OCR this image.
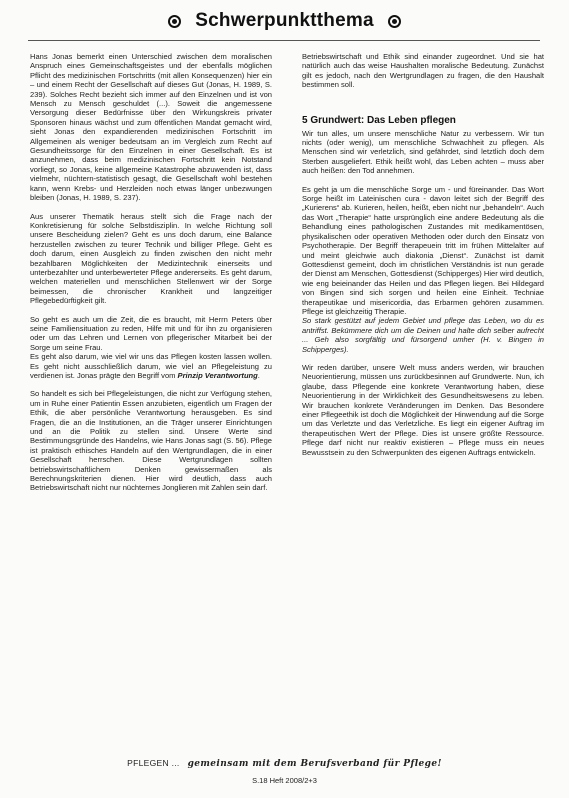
Schwerpunktthema

Hans Jonas bemerkt einen Unterschied zwischen dem moralischen Anspruch eines Gemeinschaftsgeistes und der ebenfalls möglichen Pflicht des medizinischen Fortschritts (mit allen Konsequenzen) hier ein – und einem Recht der Gesellschaft auf dieses Gut (Jonas, H. 1989, S. 239). Solches Recht bezieht sich immer auf den Einzelnen und ist von Mensch zu Mensch geschuldet (...). Soweit die angemessene Versorgung dieser Bedürfnisse über den Wirkungskreis privater Sponsoren hinaus wächst und zum öffentlichen Mandat gemacht wird, sieht Jonas den expandierenden medizinischen Fortschritt im Allgemeinen als weniger bedeutsam an im Vergleich zum Recht auf Gesundheitssorge für den Einzelnen in einer Gesellschaft. Es ist anzunehmen, dass beim medizinischen Fortschritt kein Notstand vorliegt, so Jonas, keine allgemeine Katastrophe abzuwenden ist, dass vielmehr, nüchtern-statistisch gesagt, die Gesellschaft wohl bestehen kann, wenn Krebs- und Herzleiden noch etwas länger unbezwungen bleiben (Jonas, H. 1989, S. 237).

Aus unserer Thematik heraus stellt sich die Frage nach der Konkretisierung für solche Selbstdisziplin. In welche Richtung soll unsere Bescheidung zielen? Geht es uns doch darum, eine Balance herzustellen zwischen zu teurer Technik und billiger Pflege. Geht es doch darum, einen Ausgleich zu finden zwischen den nicht mehr bezahlbaren Möglichkeiten der Medizintechnik einerseits und unterbezahlter und unterbewerteter Pflege andererseits. Es geht darum, welchen materiellen und menschlichen Stellenwert wir der Sorge beimessen, die chronischer Krankheit und langzeitiger Pflegebedürftigkeit gilt.

So geht es auch um die Zeit, die es braucht, mit Herrn Peters über seine Familiensituation zu reden, Hilfe mit und für ihn zu organisieren oder um das Lehren und Lernen von pflegerischer Mitarbeit bei der Sorge um seine Frau.

Es geht also darum, wie viel wir uns das Pflegen kosten lassen wollen. Es geht nicht ausschließlich darum, wie viel an Pflegeleistung zu verdienen ist. Jonas prägte den Begriff vom Prinzip Verantwortung.

So handelt es sich bei Pflegeleistungen, die nicht zur Verfügung stehen, um in Ruhe einer Patientin Essen anzubieten, eigentlich um Fragen der Ethik, die aber persönliche Verantwortung herausgeben. Es sind Fragen, die an die Institutionen, an die Träger unserer Einrichtungen und an die Politik zu stellen sind. Unsere Werte sind Bestimmungsgründe des Handelns, wie Hans Jonas sagt (S. 56). Pflege ist praktisch ethisches Handeln auf den Wertgrundlagen, die in einer Gesellschaft herrschen. Diese Wertgrundlagen sollten betriebswirtschaftlichem Denken gewissermaßen als Berechnungskriterien dienen. Hier wird deutlich, dass auch Betriebswirtschaft nicht nur nüchternes Jonglieren mit Zahlen sein darf.

Betriebswirtschaft und Ethik sind einander zugeordnet. Und sie hat natürlich auch das weise Haushalten moralische Bedeutung. Zunächst gilt es jedoch, nach den Wertgrundlagen zu fragen, die den Haushalt bestimmen soll.

5 Grundwert: Das Leben pflegen

Wir tun alles, um unsere menschliche Natur zu verbessern. Wir tun nichts (oder wenig), um menschliche Schwachheit zu pflegen. Als Menschen sind wir verletzlich, sind gefährdet, sind letztlich doch dem Sterben ausgeliefert. Ethik heißt wohl, das Leben achten – muss aber auch heißen: den Tod annehmen.

Es geht ja um die menschliche Sorge um - und füreinander. Das Wort Sorge heißt im Lateinischen cura - davon leitet sich der Begriff des „Kurierens“ ab. Kurieren, heilen, heißt, eben nicht nur „behandeln“. Auch das Wort „Therapie“ hatte ursprünglich eine andere Bedeutung als die Behandlung eines pathologischen Zustandes mit medikamentösen, physikalischen oder operativen Methoden oder durch den Einsatz von Psychotherapie. Der Begriff therapeuein tritt im frühen Mittelalter auf und meint gleichwie auch diakonia „Dienst“. Zunächst ist damit Gottesdienst gemeint, doch im christlichen Verständnis ist nun gerade der Dienst am Menschen, Gottesdienst (Schipperges) Hier wird deutlich, wie eng beieinander das Heilen und das Pflegen liegen. Bei Hildegard von Bingen sind sich sorgen und heilen eine Einheit. Techniae therapeutikae und misericordia, das Erbarmen gehören zusammen. Pflege ist gleichzeitig Therapie.

So stark gestützt auf jedem Gebiet und pflege das Leben, wo du es antriffst. Bekümmere dich um die Deinen und halte dich selber aufrecht ... Geh also sorgfältig und fürsorgend umher (H. v. Bingen in Schipperges).

Wir reden darüber, unsere Welt muss anders werden, wir brauchen Neuorientierung, müssen uns zurückbesinnen auf Grundwerte. Nun, ich glaube, dass Pflegende eine konkrete Verantwortung haben, diese Neuorientierung in der Wirklichkeit des Gesundheitswesens zu leben. Wir brauchen konkrete Veränderungen im Denken. Das Besondere einer Pflegeethik ist doch die Möglichkeit der Hinwendung auf die Sorge um das Verletzte und das Verletzliche. Es liegt ein eigener Auftrag im therapeutischen Wert der Pflege. Dies ist unsere größte Ressource. Pflege darf nicht nur reaktiv existieren – Pflege muss ein neues Bewusstsein zu den Schwerpunkten des eigenen Auftrags entwickeln.

PFLEGEN ... gemeinsam mit dem Berufsverband für Pflege!
S.18 Heft 2008/2+3
